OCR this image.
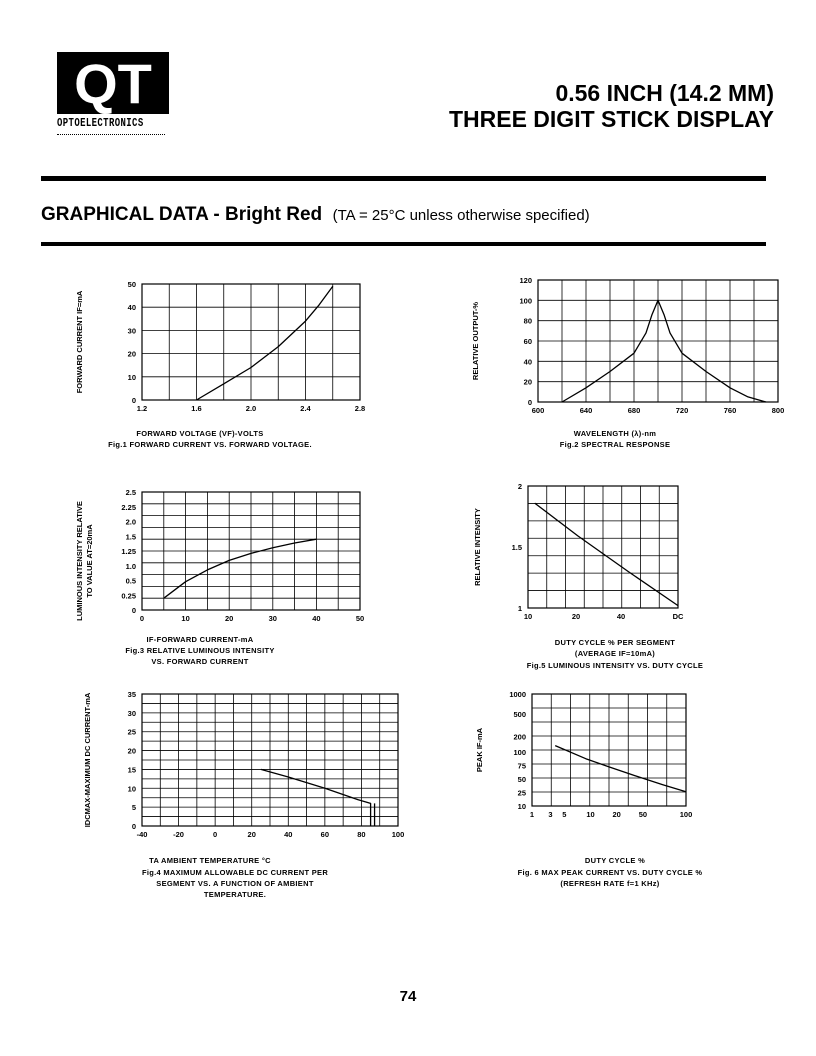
QT
OPTOELECTRONICS
0.56 INCH (14.2 MM)
THREE DIGIT STICK DISPLAY
GRAPHICAL DATA - Bright Red (TA = 25°C unless otherwise specified)
1.2	1.6	2.0	2.4	2.8
0
10
20
30
40
50
FORWARD CURRENT IF=mA
600	640	680	720	760	800
0
20
40
60
80
100
120
RELATIVE OUTPUT-%
0	10	20	30	40	50
0
0.25
0.5
1.0
1.25
1.5
2.0
2.25
2.5
LUMINOUS INTENSITY RELATIVETO VALUE AT=20mA
-40	-20	0	20	40	60	80	100
0
5
10
15
20
25
30
35
IDCMAX-MAXIMUM DC CURRENT-mA
10	20	40	DC
1
1.5
2
RELATIVE INTENSITY
1 3 5	10 20 50	100
10
25
50
75
100
200
500
1000
PEAK IF-mA
FORWARD VOLTAGE (VF)-VOLTS
Fig.1 FORWARD CURRENT VS. FORWARD VOLTAGE.
WAVELENGTH (λ)-nm
Fig.2 SPECTRAL RESPONSE
IF-FORWARD CURRENT-mA
Fig.3 RELATIVE LUMINOUS INTENSITY
VS. FORWARD CURRENT
TA AMBIENT TEMPERATURE °C
Fig.4 MAXIMUM ALLOWABLE DC CURRENT PER
SEGMENT VS. A FUNCTION OF AMBIENT
TEMPERATURE.
DUTY CYCLE % PER SEGMENT
(AVERAGE IF=10mA)
Fig.5 LUMINOUS INTENSITY VS. DUTY CYCLE
DUTY CYCLE %
Fig. 6 MAX PEAK CURRENT VS. DUTY CYCLE %
(REFRESH RATE f=1 KHz)
74
